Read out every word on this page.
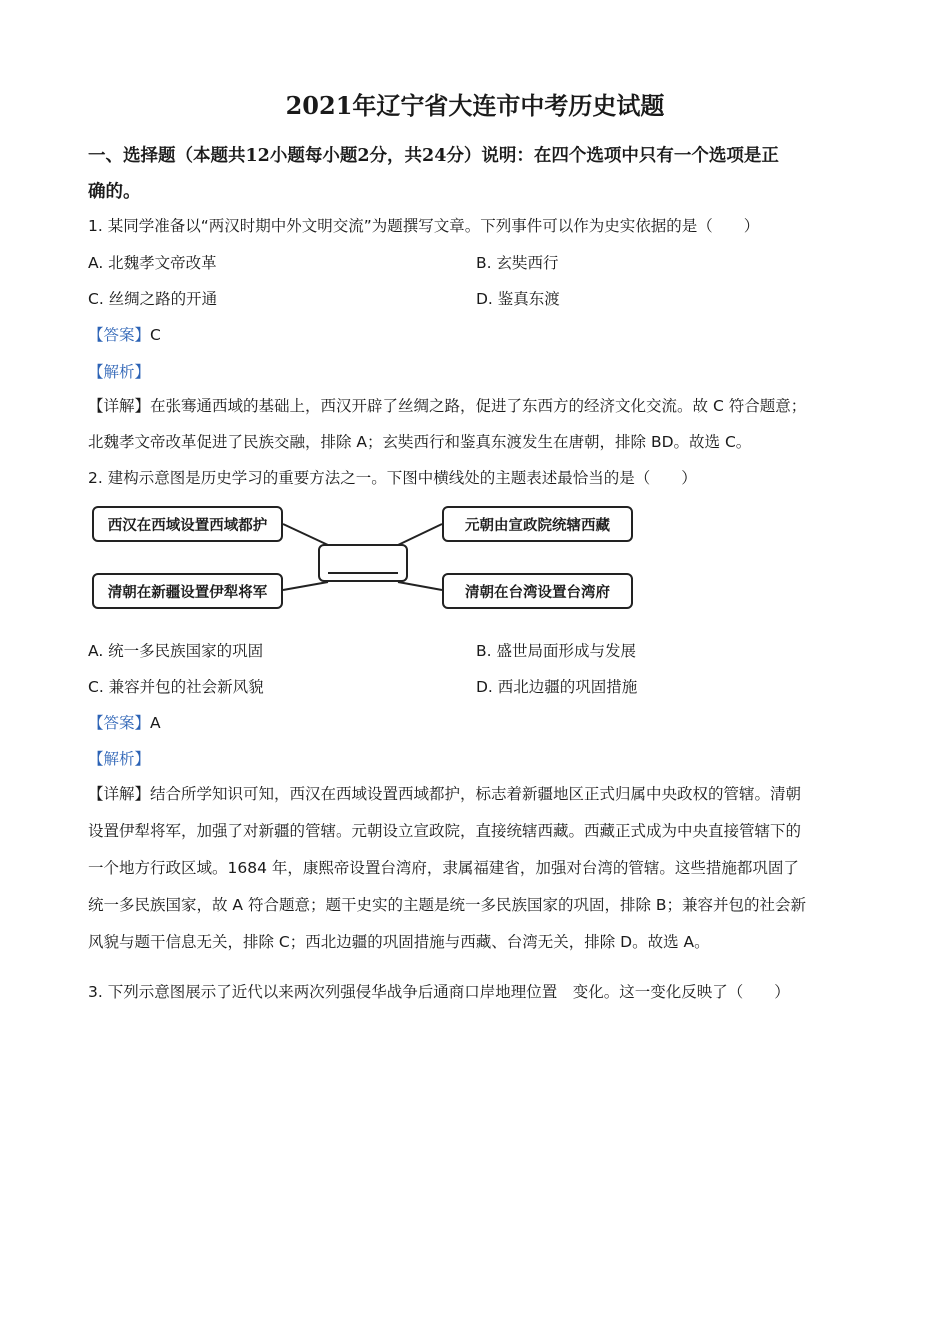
2021年辽宁省大连市中考历史试题
一、选择题（本题共12小题每小题2分，共24分）说明：在四个选项中只有一个选项是正
确的。
1. 某同学准备以“两汉时期中外文明交流”为题撰写文章。下列事件可以作为史实依据的是（　　）
A. 北魏孝文帝改革	B. 玄奘西行
C. 丝绸之路的开通	D. 鉴真东渡
【答案】C
【解析】
【详解】在张骞通西域的基础上，西汉开辟了丝绸之路，促进了东西方的经济文化交流。故 C 符合题意；
北魏孝文帝改革促进了民族交融，排除 A；玄奘西行和鉴真东渡发生在唐朝，排除 BD。故选 C。
2. 建构示意图是历史学习的重要方法之一。下图中横线处的主题表述最恰当的是（　　）
西汉在西域设置西域都护	元朝由宣政院统辖西藏
清朝在新疆设置伊犁将军	清朝在台湾设置台湾府
A. 统一多民族国家的巩固	B. 盛世局面形成与发展
C. 兼容并包的社会新风貌	D. 西北边疆的巩固措施
【答案】A
【解析】
【详解】结合所学知识可知，西汉在西域设置西域都护，标志着新疆地区正式归属中央政权的管辖。清朝
设置伊犁将军，加强了对新疆的管辖。元朝设立宣政院，直接统辖西藏。西藏正式成为中央直接管辖下的
一个地方行政区域。1684 年，康熙帝设置台湾府，隶属福建省，加强对台湾的管辖。这些措施都巩固了
统一多民族国家，故 A 符合题意；题干史实的主题是统一多民族国家的巩固，排除 B；兼容并包的社会新
风貌与题干信息无关，排除 C；西北边疆的巩固措施与西藏、台湾无关，排除 D。故选 A。
3. 下列示意图展示了近代以来两次列强侵华战争后通商口岸地理位置　变化。这一变化反映了（　　）
